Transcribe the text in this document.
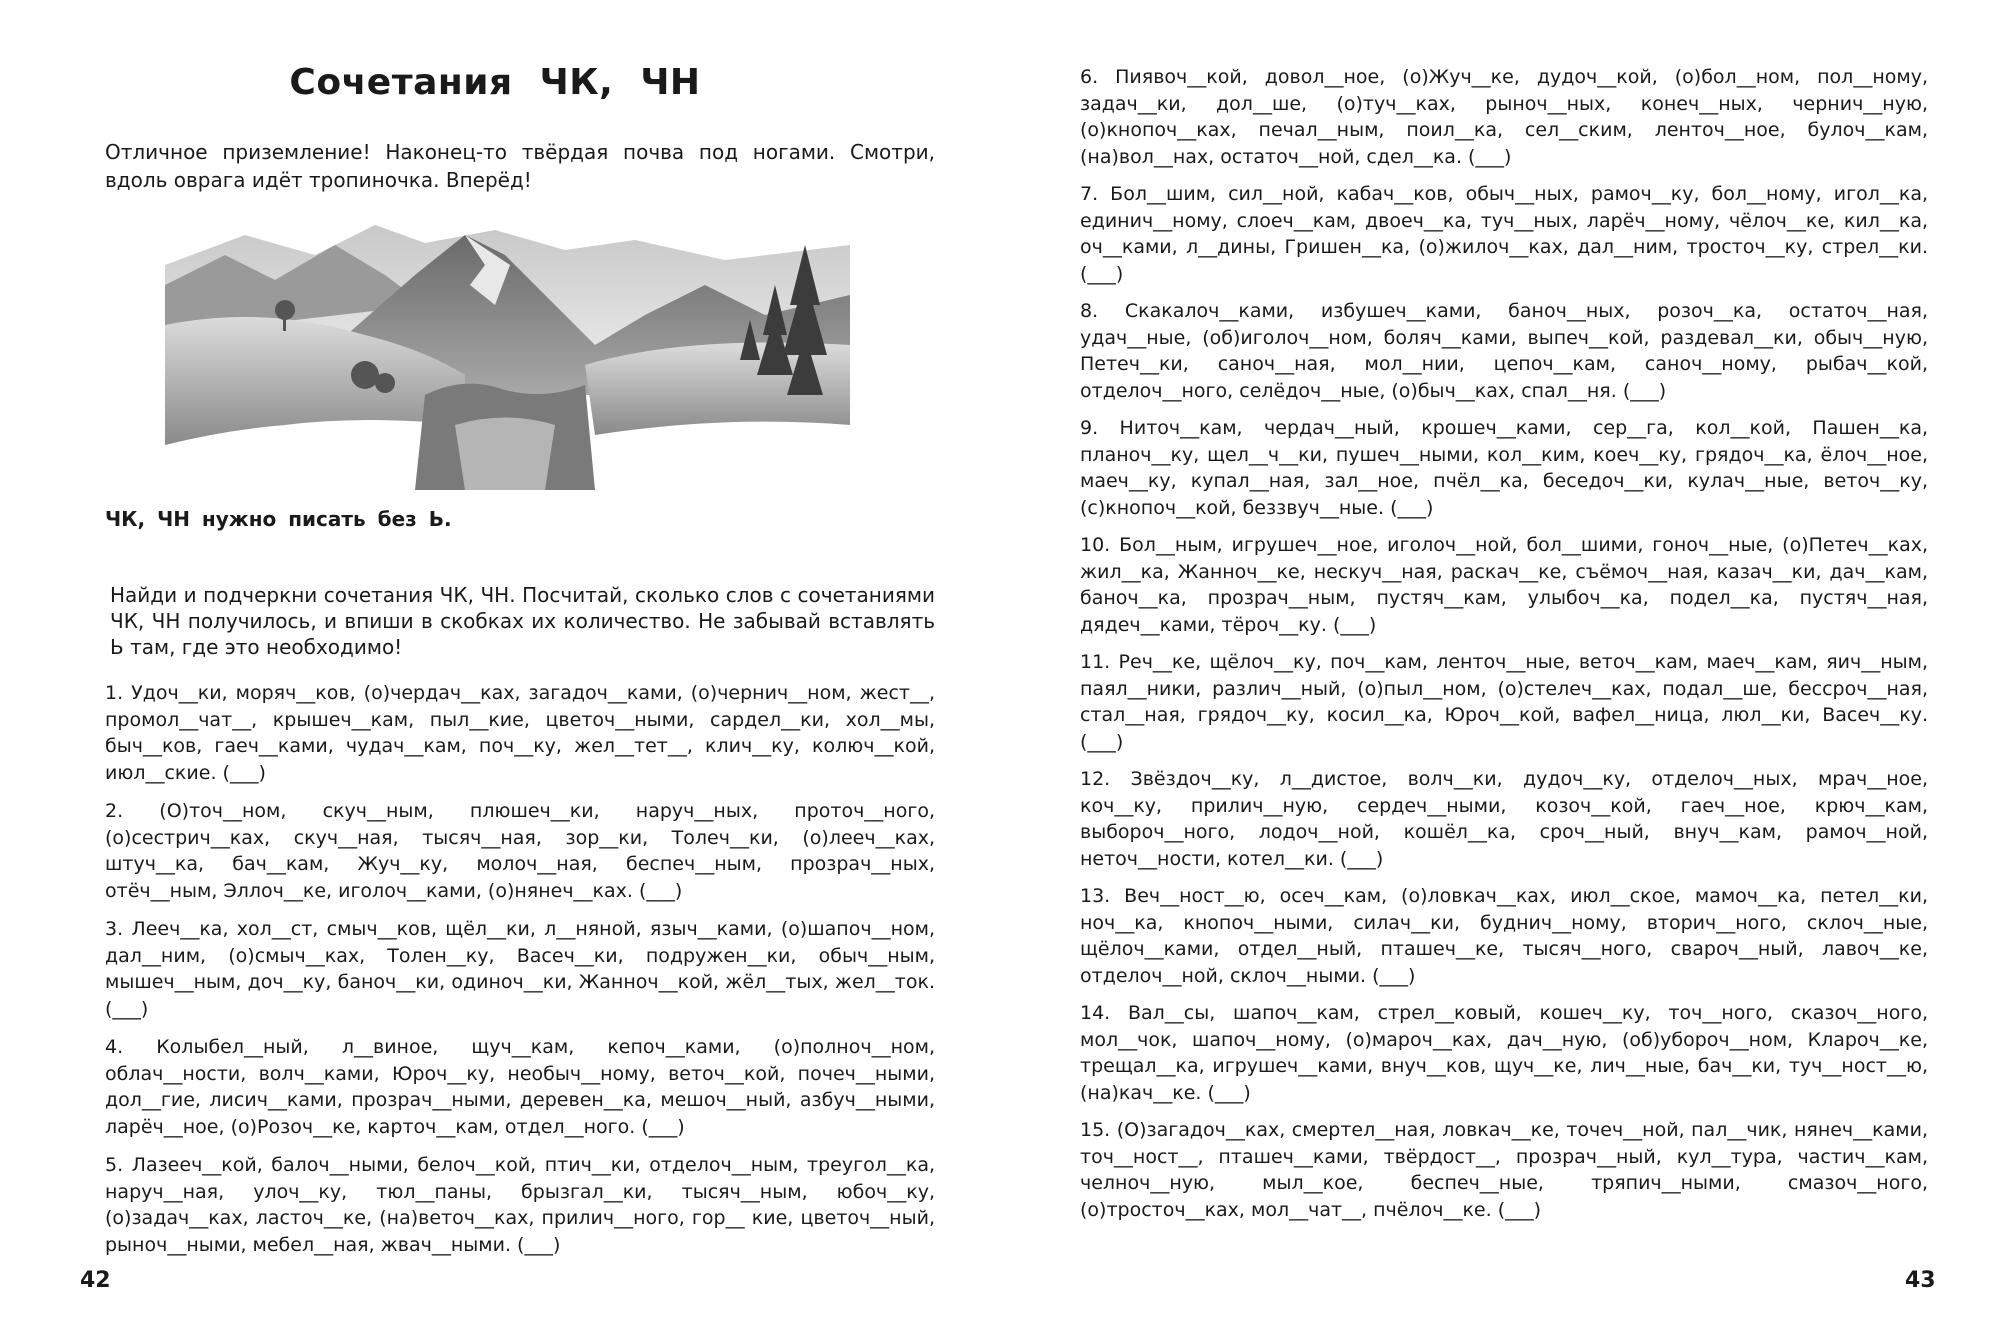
Сочетания ЧК, ЧН
Отличное приземление! Наконец-то твёрдая почва под ногами. Смотри, вдоль оврага идёт тропиночка. Вперёд!
ЧК, ЧН нужно писать без Ь.
Найди и подчеркни сочетания ЧК, ЧН. Посчитай, сколько слов с сочетаниями ЧК, ЧН получилось, и впиши в скобках их количество. Не забывай вставлять Ь там, где это необходимо!

1. Удоч__ки, моряч__ков, (о)чердач__ках, загадоч__ками, (о)чернич__ном, жест__, промол__чат__, крышеч__кам, пыл__кие, цветоч__ными, сардел__ки, хол__мы, быч__ков, гаеч__ками, чудач__кам, поч__ку, жел__тет__, клич__ку, колюч__кой, июл__ские. (___)

2. (О)точ__ном, скуч__ным, плюшеч__ки, наруч__ных, проточ__ного, (о)сестрич__ках, скуч__ная, тысяч__ная, зор__ки, Толеч__ки, (о)лееч__ках, штуч__ка, бач__кам, Жуч__ку, молоч__ная, беспеч__ным, прозрач__ных, отёч__ным, Эллоч__ке, иголоч__ками, (о)нянеч__ках. (___)

3. Лееч__ка, хол__ст, смыч__ков, щёл__ки, л__няной, языч__ками, (о)шапоч__ном, дал__ним, (о)смыч__ках, Толен__ку, Васеч__ки, подружен__ки, обыч__ным, мышеч__ным, доч__ку, баноч__ки, одиноч__ки, Жанноч__кой, жёл__тых, жел__ток. (___)

4. Колыбел__ный, л__виное, щуч__кам, кепоч__ками, (о)полноч__ном, облач__ности, волч__ками, Юроч__ку, необыч__ному, веточ__кой, почеч__ными, дол__гие, лисич__ками, прозрач__ными, деревен__ка, мешоч__ный, азбуч__ными, ларёч__ное, (о)Розоч__ке, карточ__кам, отдел__ного. (___)

5. Лазееч__кой, балоч__ными, белоч__кой, птич__ки, отделоч__ным, треугол__ка, наруч__ная, улоч__ку, тюл__паны, брызгал__ки, тысяч__ным, юбоч__ку, (о)задач__ках, ласточ__ке, (на)веточ__ках, прилич__ного, гор__ кие, цветоч__ный, рыноч__ными, мебел__ная, жвач__ными. (___)

42

6. Пиявоч__кой, довол__ное, (о)Жуч__ке, дудоч__кой, (о)бол__ном, пол__ному, задач__ки, дол__ше, (о)туч__ках, рыноч__ных, конеч__ных, чернич__ную, (о)кнопоч__ках, печал__ным, поил__ка, сел__ским, ленточ__ное, булоч__кам, (на)вол__нах, остаточ__ной, сдел__ка. (___)

7. Бол__шим, сил__ной, кабач__ков, обыч__ных, рамоч__ку, бол__ному, игол__ка, единич__ному, слоеч__кам, двоеч__ка, туч__ных, ларёч__ному, чёлоч__ке, кил__ка, оч__ками, л__дины, Гришен__ка, (о)жилоч__ках, дал__ним, тросточ__ку, стрел__ки. (___)

8. Скакалоч__ками, избушеч__ками, баноч__ных, розоч__ка, остаточ__ная, удач__ные, (об)иголоч__ном, боляч__ками, выпеч__кой, раздевал__ки, обыч__ную, Петеч__ки, саноч__ная, мол__нии, цепоч__кам, саноч__ному, рыбач__кой, отделоч__ного, селёдоч__ные, (о)быч__ках, спал__ня. (___)

9. Ниточ__кам, чердач__ный, крошеч__ками, сер__га, кол__кой, Пашен__ка, планоч__ку, щел__ч__ки, пушеч__ными, кол__ким, коеч__ку, грядоч__ка, ёлоч__ное, маеч__ку, купал__ная, зал__ное, пчёл__ка, беседоч__ки, кулач__ные, веточ__ку, (с)кнопоч__кой, беззвуч__ные. (___)

10. Бол__ным, игрушеч__ное, иголоч__ной, бол__шими, гоноч__ные, (о)Петеч__ках, жил__ка, Жанноч__ке, нескуч__ная, раскач__ке, съёмоч__ная, казач__ки, дач__кам, баноч__ка, прозрач__ным, пустяч__кам, улыбоч__ка, подел__ка, пустяч__ная, дядеч__ками, тёроч__ку. (___)

11. Реч__ке, щёлоч__ку, поч__кам, ленточ__ные, веточ__кам, маеч__кам, яич__ным, паял__ники, различ__ный, (о)пыл__ном, (о)стелеч__ках, подал__ше, бессроч__ная, стал__ная, грядоч__ку, косил__ка, Юроч__кой, вафел__ница, люл__ки, Васеч__ку. (___)

12. Звёздоч__ку, л__дистое, волч__ки, дудоч__ку, отделоч__ных, мрач__ное, коч__ку, прилич__ную, сердеч__ными, козоч__кой, гаеч__ное, крюч__кам, выбороч__ного, лодоч__ной, кошёл__ка, сроч__ный, внуч__кам, рамоч__ной, неточ__ности, котел__ки. (___)

13. Веч__ност__ю, осеч__кам, (о)ловкач__ках, июл__ское, мамоч__ка, петел__ки, ноч__ка, кнопоч__ными, силач__ки, буднич__ному, вторич__ного, склоч__ные, щёлоч__ками, отдел__ный, пташеч__ке, тысяч__ного, свароч__ный, лавоч__ке, отделоч__ной, склоч__ными. (___)

14. Вал__сы, шапоч__кам, стрел__ковый, кошеч__ку, точ__ного, сказоч__ного, мол__чок, шапоч__ному, (о)мароч__ках, дач__ную, (об)убороч__ном, Клароч__ке, трещал__ка, игрушеч__ками, внуч__ков, щуч__ке, лич__ные, бач__ки, туч__ност__ю, (на)кач__ке. (___)

15. (О)загадоч__ках, смертел__ная, ловкач__ке, точеч__ной, пал__чик, нянеч__ками, точ__ност__, пташеч__ками, твёрдост__, прозрач__ный, кул__тура, частич__кам, челноч__ную, мыл__кое, беспеч__ные, тряпич__ными, смазоч__ного, (о)тросточ__ках, мол__чат__, пчёлоч__ке. (___)

43
